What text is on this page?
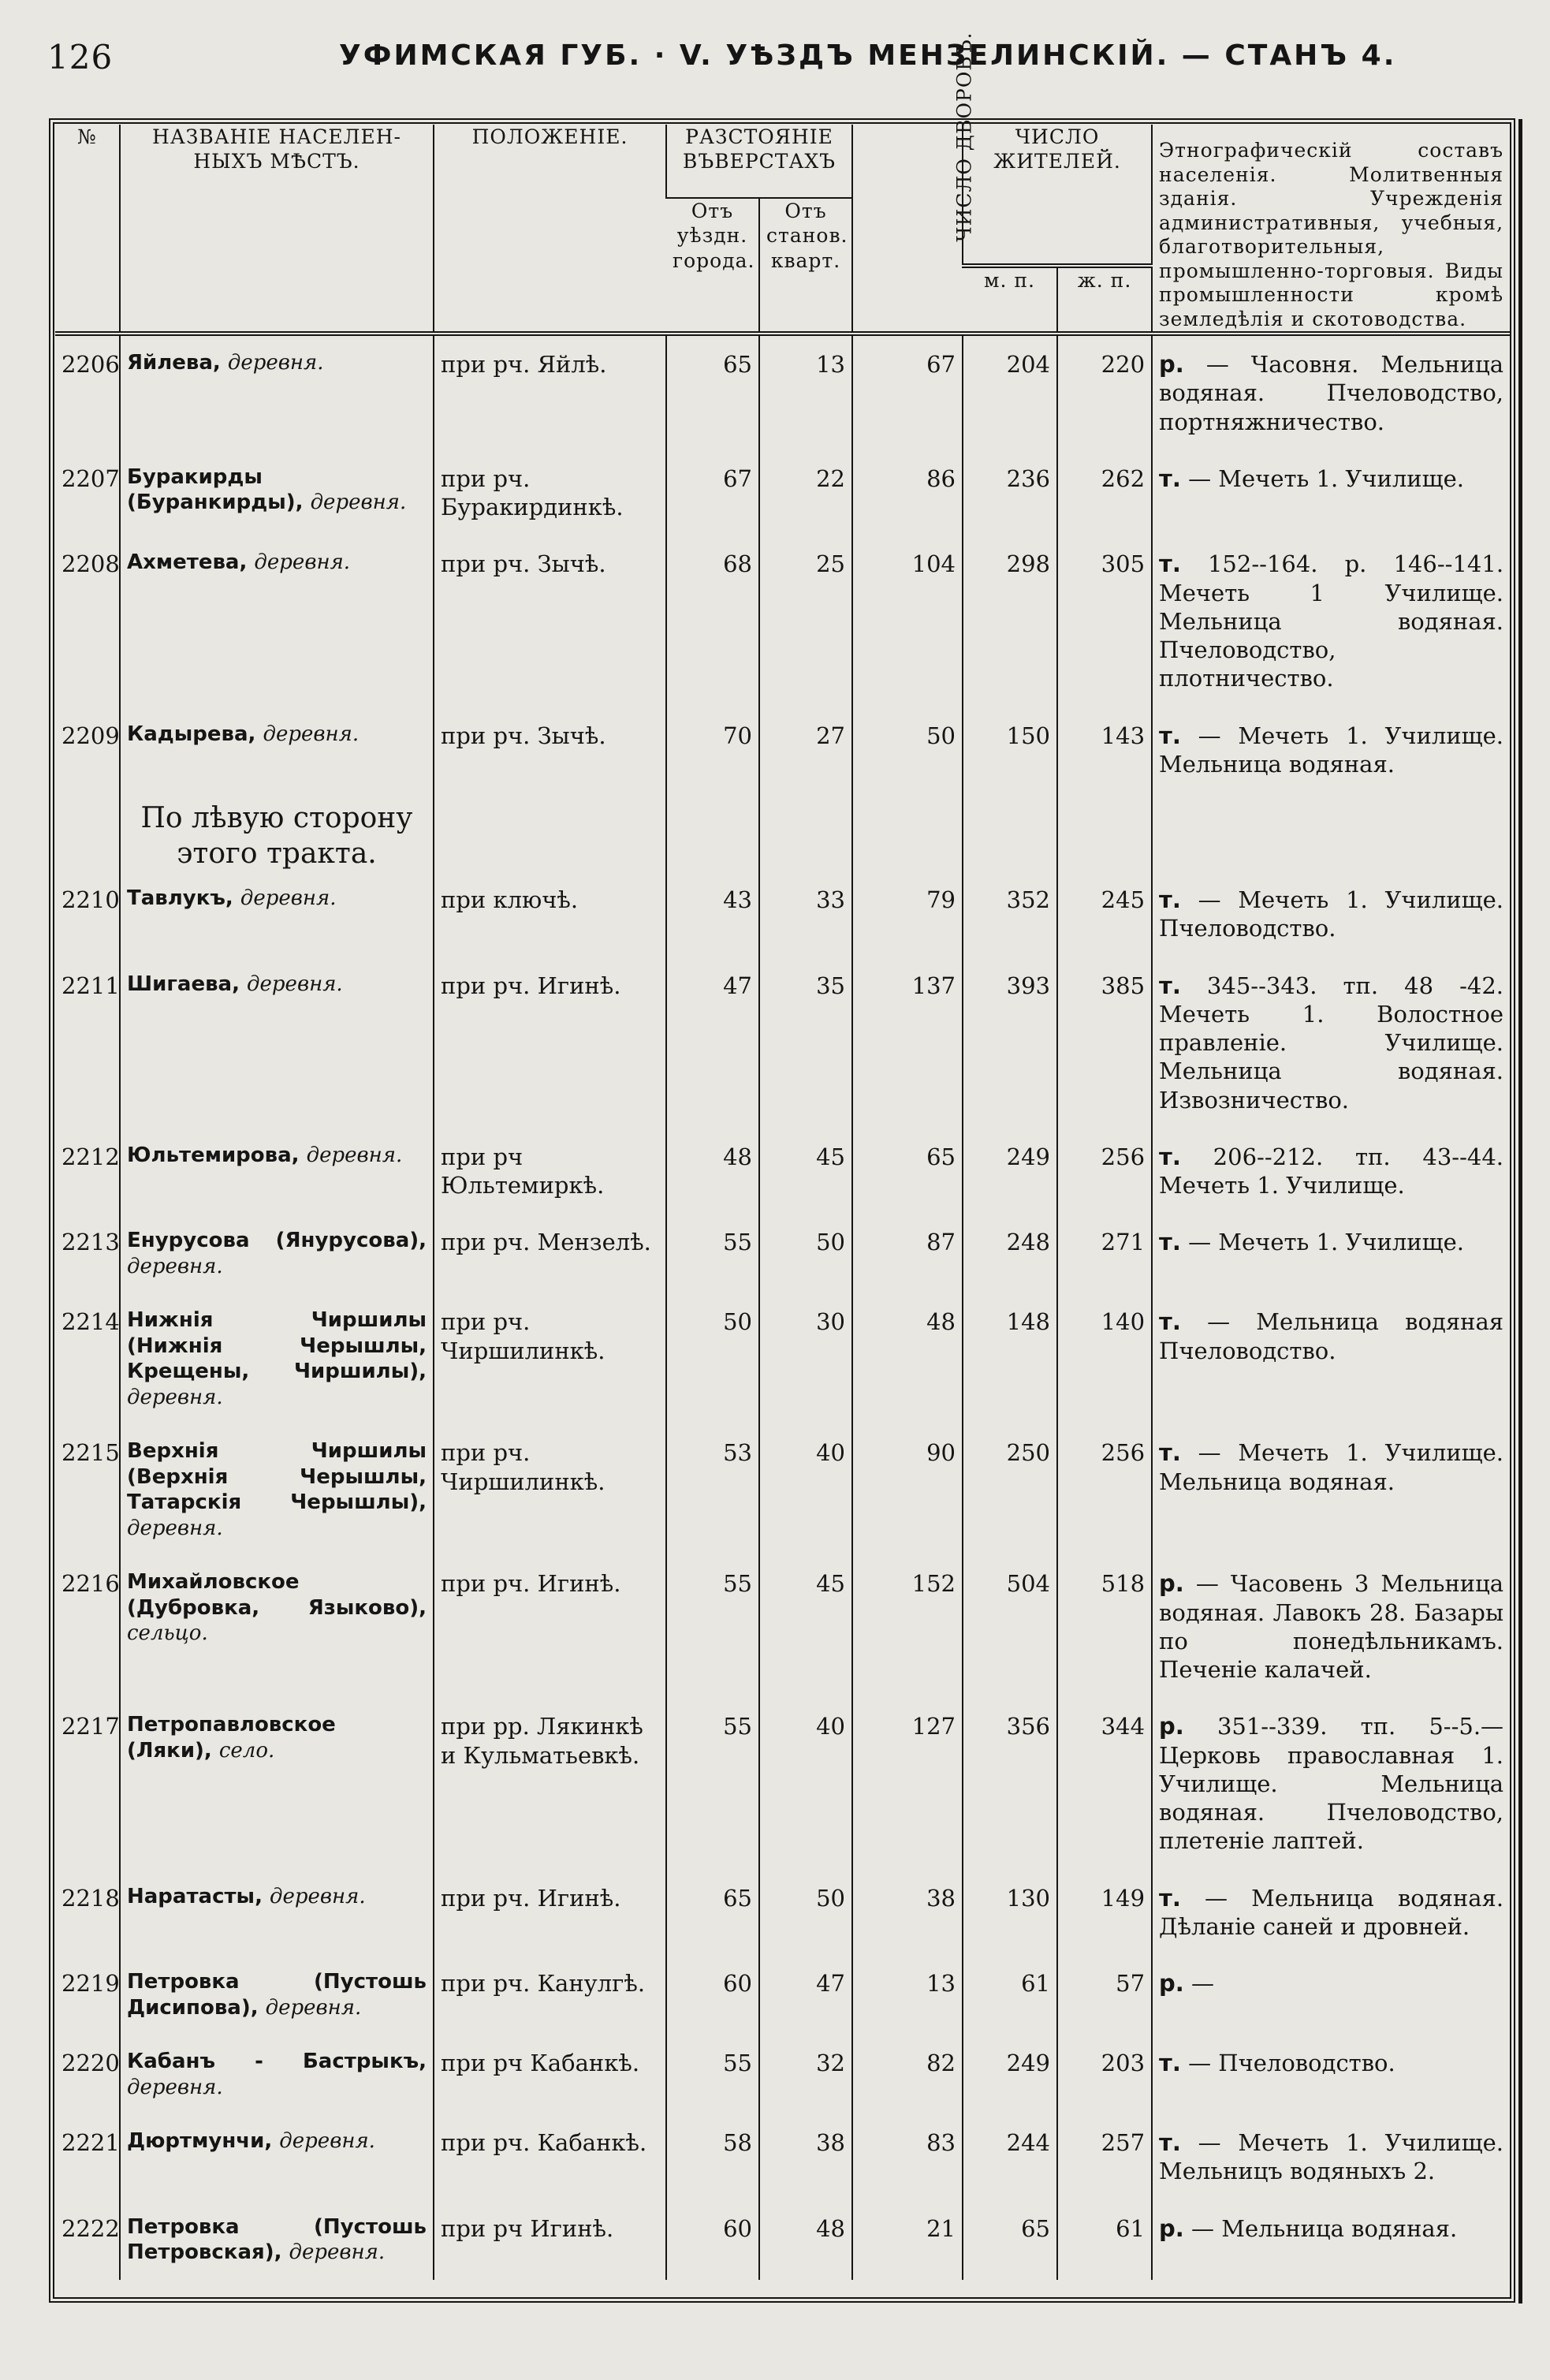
126	УФИМСКАЯ ГУБ. · V. УѢЗДЪ МЕНЗЕЛИНСКІЙ. — СТАНЪ 4.
№	НАЗВАНІЕ НАСЕЛЕН-НЫХЪ МѢСТЪ.	ПОЛОЖЕНІЕ.	РАЗСТОЯНІЕ ВЪВЕРСТАХЪ		ЧИСЛО ДВОРОВЪ.	ЧИСЛО ЖИТЕЛЕЙ.		Этнографическій составъ населенія. Молитвенныя зданія. Учрежденія административныя, учебныя, благотворительныя, промышленно-торговыя. Виды промышленности кромѣ земледѣлія и скотоводства.
			Отъ уѣздн. города.	Отъ станов. кварт.				
						м. п.	ж. п.	
2206	Яйлева, деревня.	при рч. Яйлѣ.	65	13	67	204	220	р. — Часовня. Мельница водяная. Пчеловодство, портняжничество.
2207	Буракирды (Буранкирды), деревня.	при рч. Буракирдинкѣ.	67	22	86	236	262	т. — Мечеть 1. Училище.
2208	Ахметева, деревня.	при рч. Зычѣ.	68	25	104	298	305	т. 152--164. р. 146--141. Мечеть 1 Училище. Мельница водяная. Пчеловодство, плотничество.
2209	Кадырева, деревня.	при рч. Зычѣ.	70	27	50	150	143	т. — Мечеть 1. Училище. Мельница водяная.
	По лѣвую сторону этого тракта.							
2210	Тавлукъ, деревня.	при ключѣ.	43	33	79	352	245	т. — Мечеть 1. Училище. Пчеловодство.
2211	Шигаева, деревня.	при рч. Игинѣ.	47	35	137	393	385	т. 345--343. тп. 48 -42. Мечеть 1. Волостное правленіе. Училище. Мельница водяная. Извозничество.
2212	Юльтемирова, деревня.	при рч Юльтемиркѣ.	48	45	65	249	256	т. 206--212. тп. 43--44. Мечеть 1. Училище.
2213	Енурусова (Янурусова), деревня.	при рч. Мензелѣ.	55	50	87	248	271	т. — Мечеть 1. Училище.
2214	Нижнія Чиршилы (Нижнія Черышлы, Крещены, Чиршилы), деревня.	при рч. Чиршилинкѣ.	50	30	48	148	140	т. — Мельница водяная Пчеловодство.
2215	Верхнія Чиршилы (Верхнія Черышлы, Татарскія Черышлы), деревня.	при рч. Чиршилинкѣ.	53	40	90	250	256	т. — Мечеть 1. Училище. Мельница водяная.
2216	Михайловское (Дубровка, Языково), сельцо.	при рч. Игинѣ.	55	45	152	504	518	р. — Часовень 3 Мельница водяная. Лавокъ 28. Базары по понедѣльникамъ. Печеніе калачей.
2217	Петропавловское (Ляки), село.	при рр. Лякинкѣ и Кульматьевкѣ.	55	40	127	356	344	р. 351--339. тп. 5--5.— Церковь православная 1. Училище. Мельница водяная. Пчеловодство, плетеніе лаптей.
2218	Наратасты, деревня.	при рч. Игинѣ.	65	50	38	130	149	т. — Мельница водяная. Дѣланіе саней и дровней.
2219	Петровка (Пустошь Дисипова), деревня.	при рч. Канулгѣ.	60	47	13	61	57	р. —
2220	Кабанъ - Бастрыкъ, деревня.	при рч Кабанкѣ.	55	32	82	249	203	т. — Пчеловодство.
2221	Дюртмунчи, деревня.	при рч. Кабанкѣ.	58	38	83	244	257	т. — Мечеть 1. Училище. Мельницъ водяныхъ 2.
2222	Петровка (Пустошь Петровская), деревня.	при рч Игинѣ.	60	48	21	65	61	р. — Мельница водяная.
